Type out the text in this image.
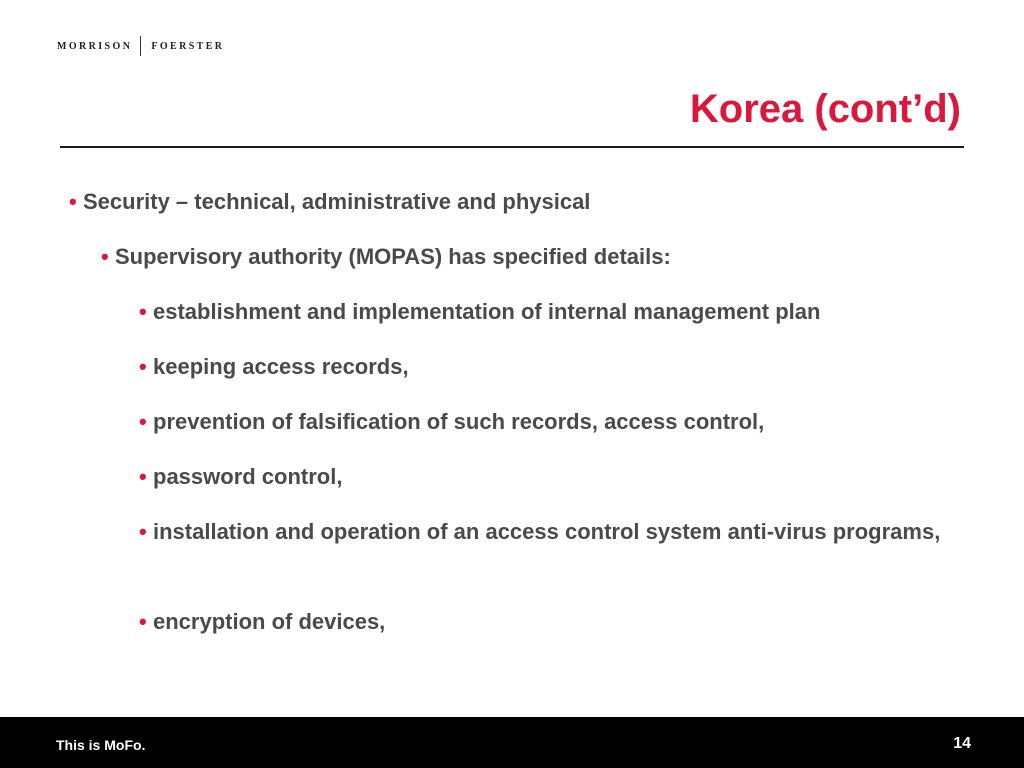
MORRISON FOERSTER
Korea (cont’d)
• Security – technical, administrative and physical
• Supervisory authority (MOPAS) has specified details:
• establishment and implementation of internal management plan
• keeping access records,
• prevention of falsification of such records, access control,
• password control,
• installation and operation of an access control system anti-virus programs,
• encryption of devices,
This is MoFo.	14
